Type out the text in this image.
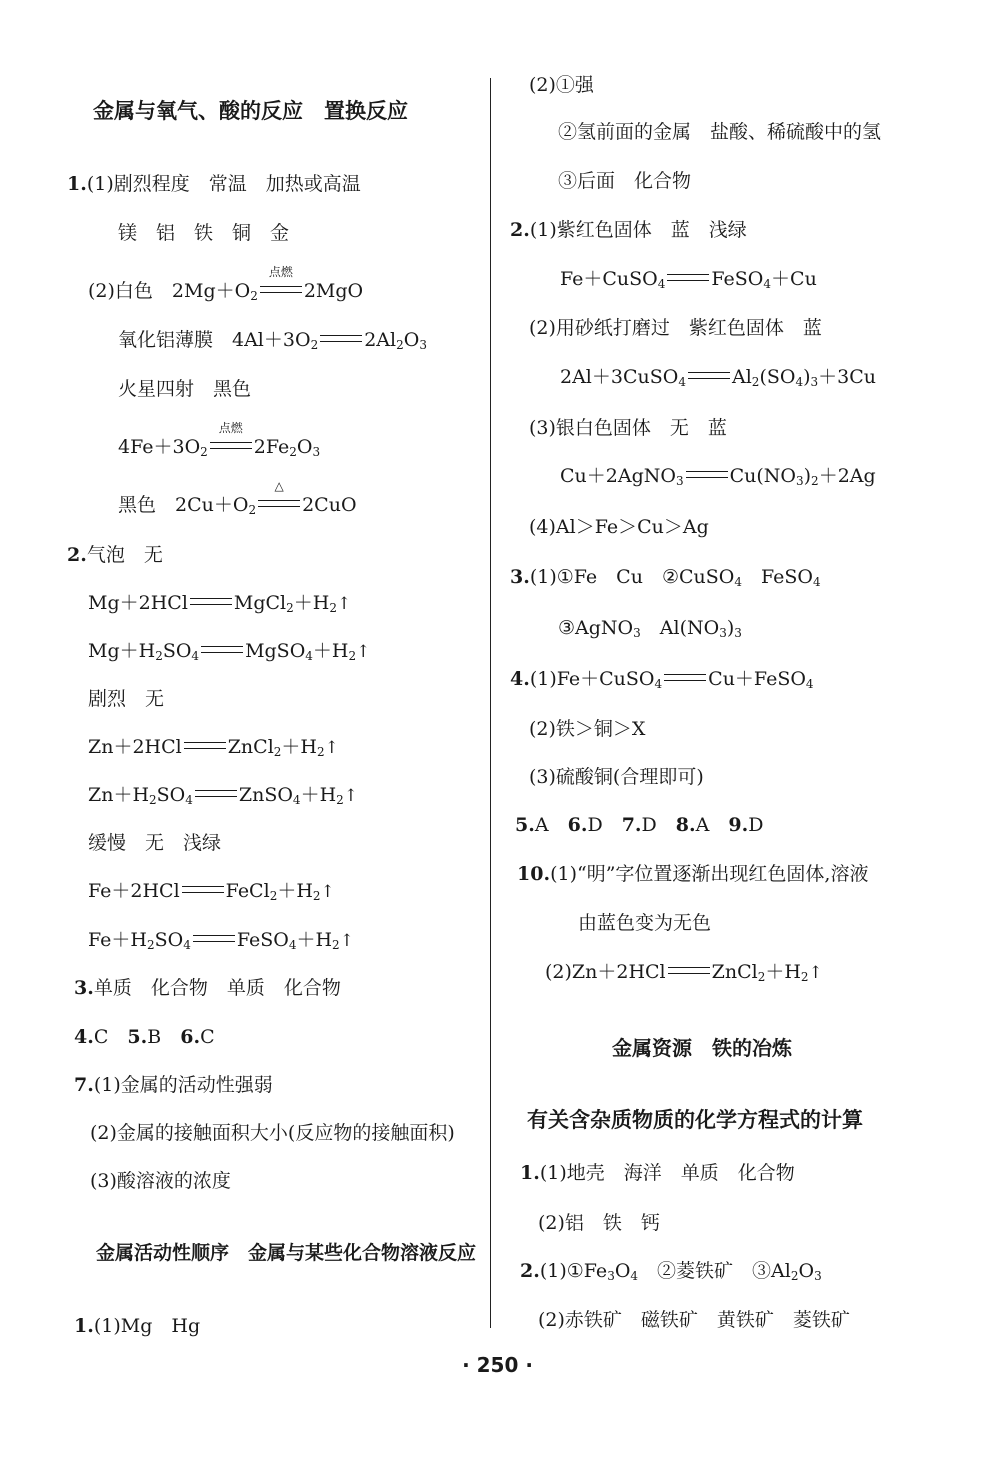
金属与氧气、酸的反应　置换反应
1.(1)剧烈程度　常温　加热或高温
镁　铝　铁　铜　金
(2)白色　$2Mg+O_2$
点燃
2MgO
氧化铝薄膜　$4Al+3O_2$ $2Al_2O_3$
火星四射　黑色
$4Fe+3O_2$
点燃
$2Fe_2O_3$
黑色　$2Cu+O_2$
△
2CuO
2.气泡　无
Mg＋2HCl $MgCl_2+H_2↑$
$Mg+H_2SO_4$ $MgSO_4+H_2↑$
剧烈　无
Zn＋2HCl $ZnCl_2+H_2↑$
$Zn+H_2SO_4$ $ZnSO_4+H_2↑$
缓慢　无　浅绿
Fe＋2HCl $FeCl_2+H_2↑$
$Fe+H_2SO_4$ $FeSO_4+H_2↑$
3.单质　化合物　单质　化合物
4.C　 5.B　 6.C
7.(1)金属的活动性强弱
(2)金属的接触面积大小(反应物的接触面积)
(3)酸溶液的浓度
金属活动性顺序　金属与某些化合物溶液反应
1.(1)Mg　Hg
(2)①强
②氢前面的金属　盐酸、稀硫酸中的氢
③后面　化合物
2.(1)紫红色固体　蓝　浅绿
Fe＋CuSO$_4$ FeSO$_4$＋Cu
(2)用砂纸打磨过　紫红色固体　蓝
2Al＋3CuSO$_4$ $Al_2(SO_4)_3+3Cu$
(3)银白色固体　无　蓝
Cu＋2AgNO$_3$ $Cu(NO_3)_2+2Ag$
(4)Al＞Fe＞Cu＞Ag
3.(1)①Fe　Cu　②CuSO$_4$　FeSO$_4$
③AgNO$_3$　$Al(NO_3)_3$
4.(1)Fe＋CuSO$_4$ Cu＋FeSO$_4$
(2)铁＞铜＞X
(3)硫酸铜(合理即可)
5.A　 6.D　 7.D　 8.A　 9.D
10.(1)“明”字位置逐渐出现红色固体,溶液
由蓝色变为无色
(2)Zn＋2HCl $ZnCl_2+H_2↑$
金属资源　铁的冶炼
有关含杂质物质的化学方程式的计算
1.(1)地壳　海洋　单质　化合物
(2)铝　铁　钙
$2.(1)①Fe_3O_4$　②菱铁矿　$③Al_2O_3$
(2)赤铁矿　磁铁矿　黄铁矿　菱铁矿
· 250 ·
